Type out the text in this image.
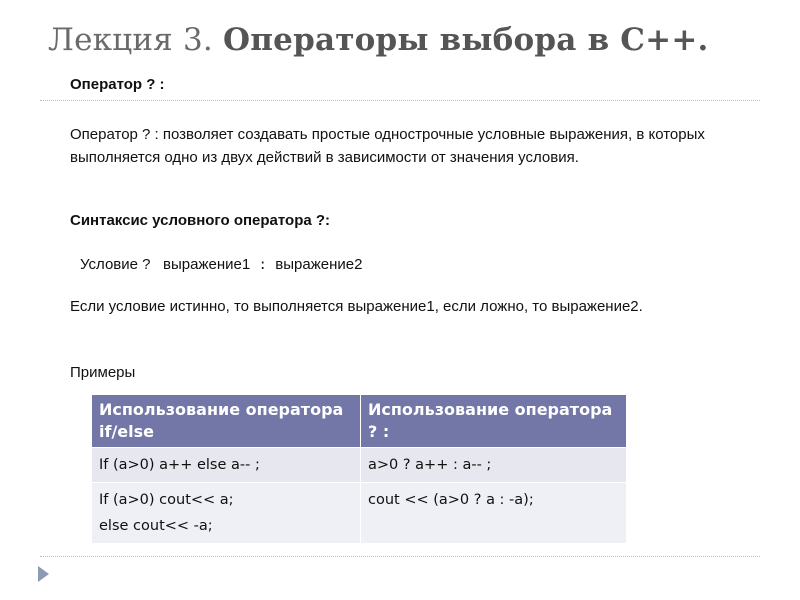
Лекция 3. Операторы выбора в С++.
Оператор ? :
Оператор ? : позволяет создавать простые однострочные условные выражения, в которых выполняется одно из двух действий в зависимости от значения условия.
Синтаксис условного оператора ?:
Условие ? выражение1 : выражение2
Если условие истинно, то выполняется выражение1, если ложно, то выражение2.
Примеры
Использование оператора if/else	Использование оператора ? :
If (a>0) a++ else a-- ;	a>0 ? a++ : a-- ;

If (a>0) cout<< a;
else cout<< -a;	cout << (a>0 ? a : -a);
